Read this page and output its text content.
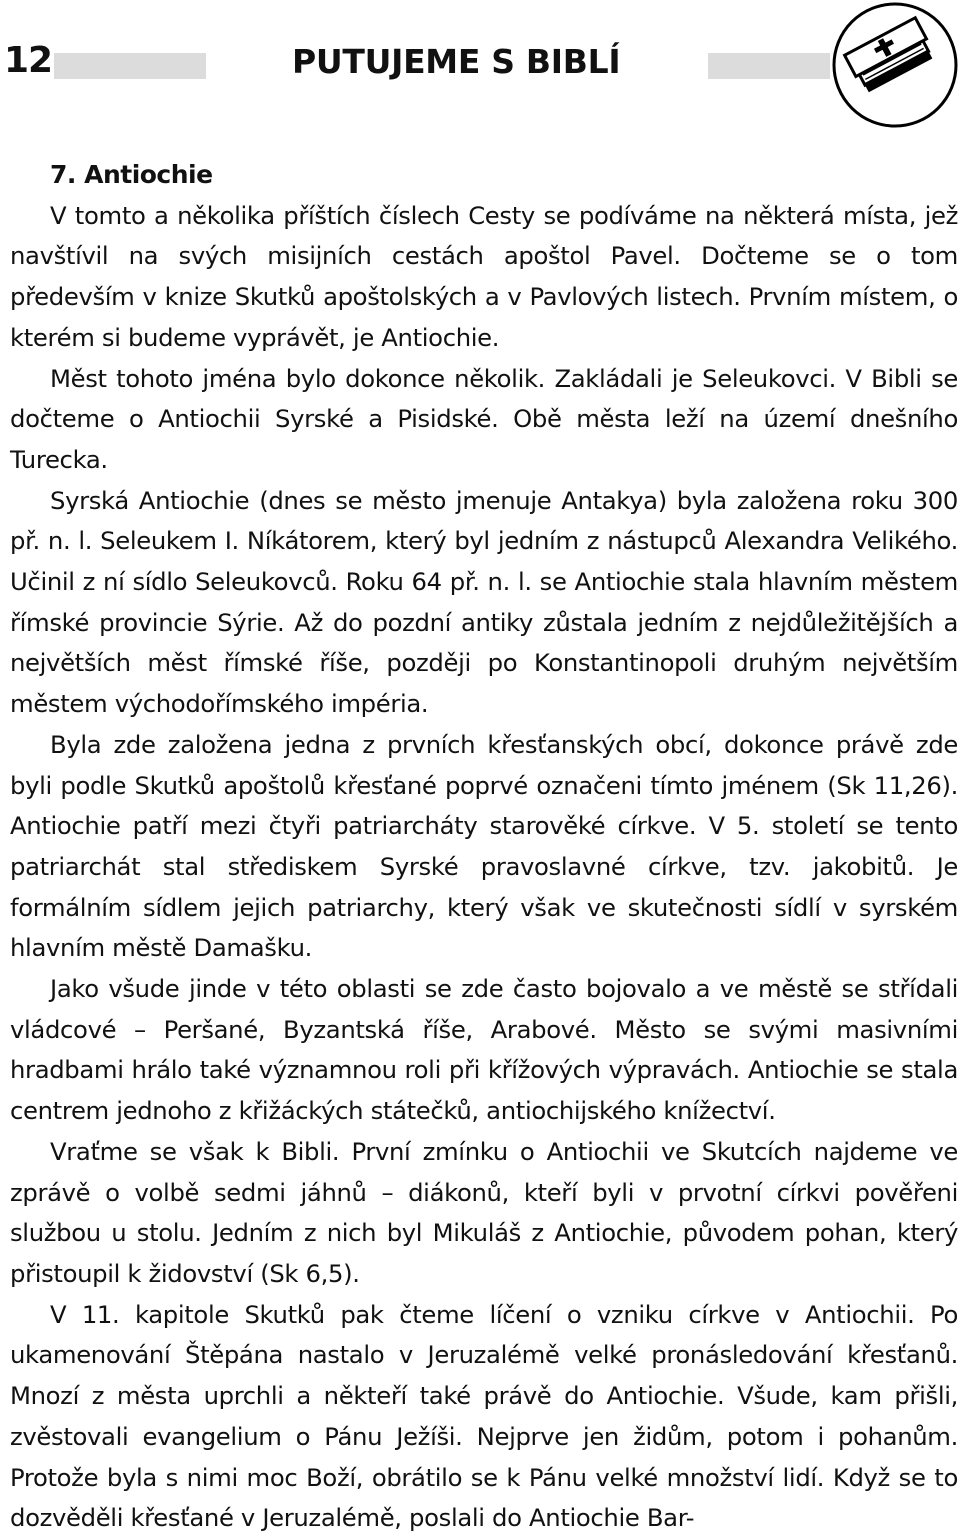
12	PUTUJEME S BIBLÍ
7. Antiochie

V tomto a několika příštích číslech Cesty se podíváme na některá místa, jež navštívil na svých misijních cestách apoštol Pavel. Dočteme se o tom především v knize Skutků apoštolských a v Pavlových listech. Prvním místem, o kterém si budeme vyprávět, je Antiochie.

Měst tohoto jména bylo dokonce několik. Zakládali je Seleukovci. V Bibli se dočteme o Antiochii Syrské a Pisidské. Obě města leží na území dnešního Turecka.

Syrská Antiochie (dnes se město jmenuje Antakya) byla založena roku 300 př. n. l. Seleukem I. Níkátorem, který byl jedním z nástupců Alexandra Velikého. Učinil z ní sídlo Seleukovců. Roku 64 př. n. l. se Antiochie stala hlavním městem římské provincie Sýrie. Až do pozdní antiky zůstala jedním z nejdůležitějších a největších měst římské říše, později po Konstantinopoli druhým největším městem východořímského impéria.

Byla zde založena jedna z prvních křesťanských obcí, dokonce právě zde byli podle Skutků apoštolů křesťané poprvé označeni tímto jménem (Sk 11,26). Antiochie patří mezi čtyři patriarcháty starověké církve. V 5. století se tento patriarchát stal střediskem Syrské pravoslavné církve, tzv. jakobitů. Je formálním sídlem jejich patriarchy, který však ve skutečnosti sídlí v syrském hlavním městě Damašku.

Jako všude jinde v této oblasti se zde často bojovalo a ve městě se střídali vládcové – Peršané, Byzantská říše, Arabové. Město se svými masivními hradbami hrálo také významnou roli při křížových výpravách. Antiochie se stala centrem jednoho z křižáckých státečků, antiochijského knížectví.

Vraťme se však k Bibli. První zmínku o Antiochii ve Skutcích najdeme ve zprávě o volbě sedmi jáhnů – diákonů, kteří byli v prvotní církvi pověřeni službou u stolu. Jedním z nich byl Mikuláš z Antiochie, původem pohan, který přistoupil k židovství (Sk 6,5).

V 11. kapitole Skutků pak čteme líčení o vzniku církve v Antiochii. Po ukamenování Štěpána nastalo v Jeruzalémě velké pronásledování křesťanů. Mnozí z města uprchli a někteří také právě do Antiochie. Všude, kam přišli, zvěstovali evangelium o Pánu Ježíši. Nejprve jen židům, potom i pohanům. Protože byla s nimi moc Boží, obrátilo se k Pánu velké množství lidí. Když se to dozvěděli křesťané v Jeruzalémě, poslali do Antiochie Bar-
